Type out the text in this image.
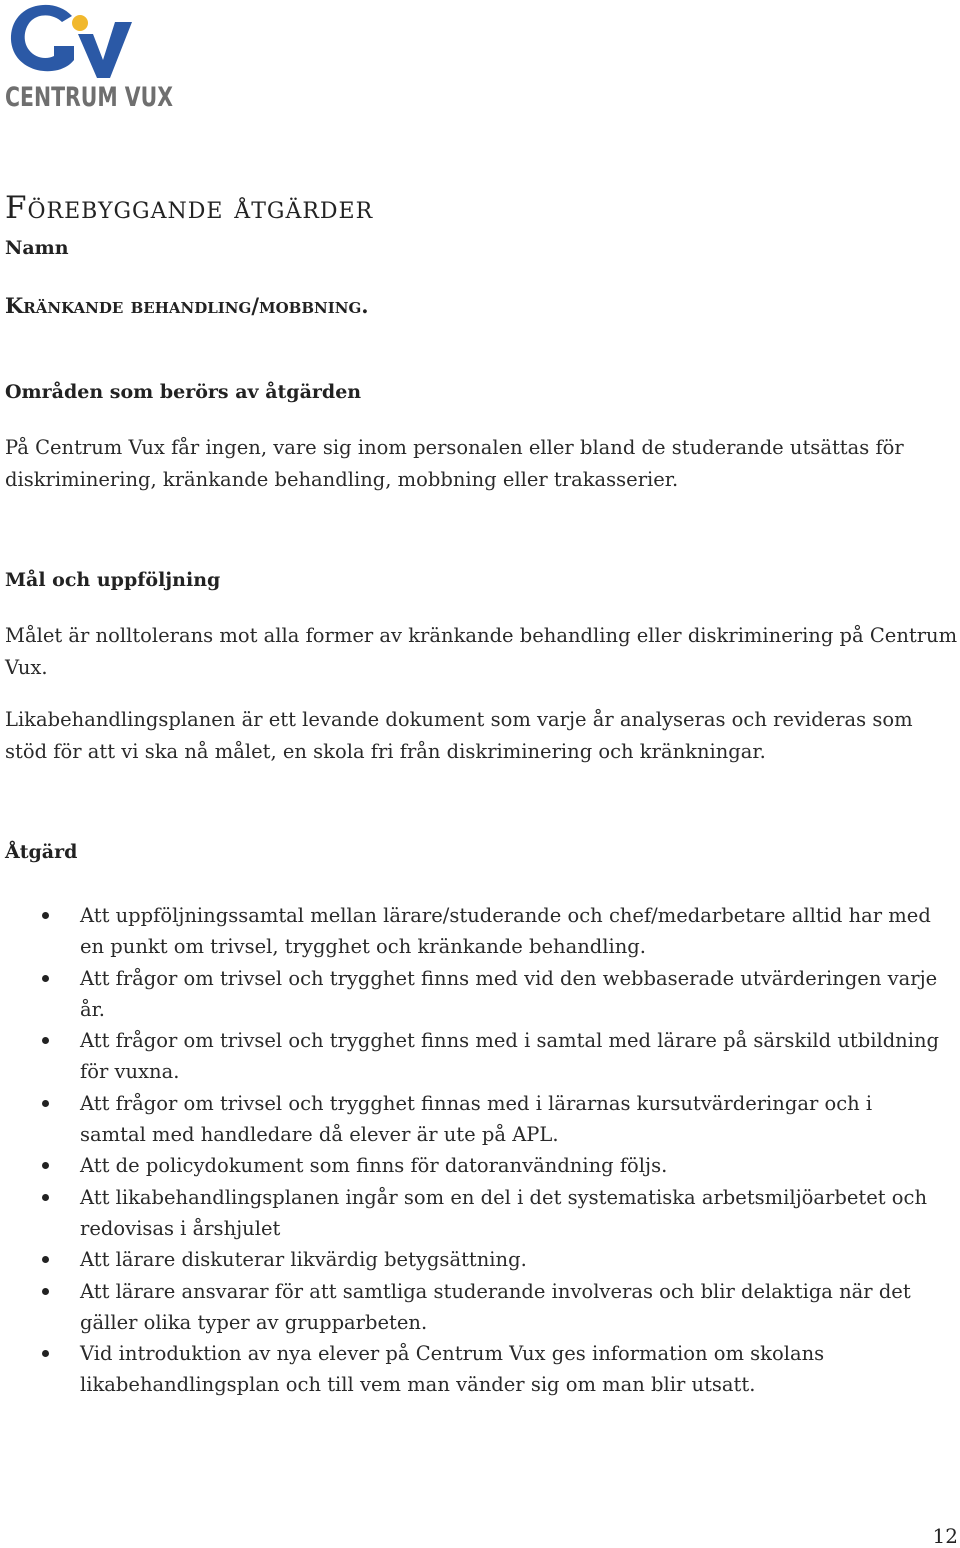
CENTRUM VUX
Förebyggande åtgärder
Namn
Kränkande behandling/mobbning.
Områden som berörs av åtgärden

På Centrum Vux får ingen, vare sig inom personalen eller bland de studerande utsättas för diskriminering, kränkande behandling, mobbning eller trakasserier.

Mål och uppföljning

Målet är nolltolerans mot alla former av kränkande behandling eller diskriminering på Centrum Vux.

Likabehandlingsplanen är ett levande dokument som varje år analyseras och revideras som stöd för att vi ska nå målet, en skola fri från diskriminering och kränkningar.

Åtgärd
Att uppföljningssamtal mellan lärare/studerande och chef/medarbetare alltid har med en punkt om trivsel, trygghet och kränkande behandling.
Att frågor om trivsel och trygghet finns med vid den webbaserade utvärderingen varje år.
Att frågor om trivsel och trygghet finns med i samtal med lärare på särskild utbildning för vuxna.
Att frågor om trivsel och trygghet finnas med i lärarnas kursutvärderingar och i samtal med handledare då elever är ute på APL.
Att de policydokument som finns för datoranvändning följs.
Att likabehandlingsplanen ingår som en del i det systematiska arbetsmiljöarbetet och redovisas i årshjulet
Att lärare diskuterar likvärdig betygsättning.
Att lärare ansvarar för att samtliga studerande involveras och blir delaktiga när det gäller olika typer av grupparbeten.
Vid introduktion av nya elever på Centrum Vux ges information om skolans likabehandlingsplan och till vem man vänder sig om man blir utsatt.
12
